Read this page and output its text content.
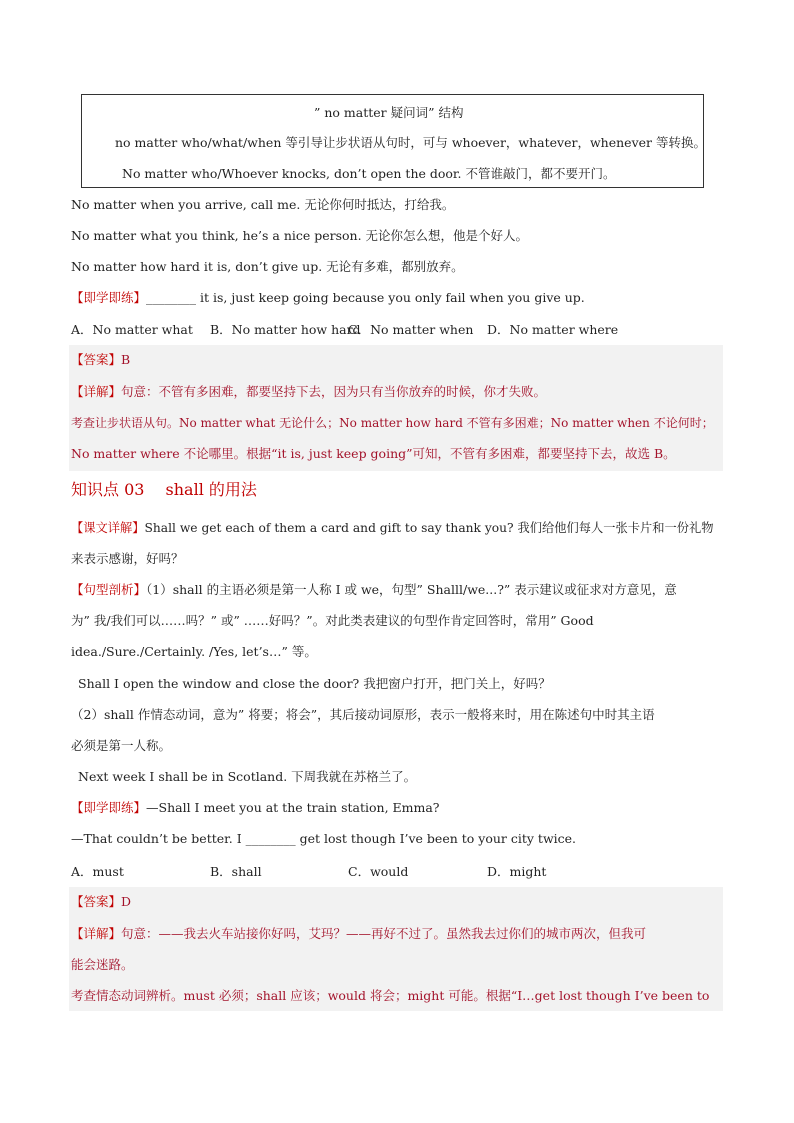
” no matter 疑问词” 结构
no matter who/what/when 等引导让步状语从句时，可与 whoever，whatever，whenever 等转换。
No matter who/Whoever knocks, don’t open the door. 不管谁敲门，都不要开门。
No matter when you arrive, call me. 无论你何时抵达，打给我。
No matter what you think, he’s a nice person. 无论你怎么想，他是个好人。
No matter how hard it is, don’t give up. 无论有多难，都别放弃。
【即学即练】________ it is, just keep going because you only fail when you give up.
A．No matter what B．No matter how hard
C．No matter when D．No matter where
【答案】B
【详解】句意：不管有多困难，都要坚持下去，因为只有当你放弃的时候，你才失败。
考查让步状语从句。No matter what 无论什么；No matter how hard 不管有多困难；No matter when 不论何时；
No matter where 不论哪里。根据“it is, just keep going”可知，不管有多困难，都要坚持下去，故选 B。
知识点 03　 shall 的用法
【课文详解】Shall we get each of them a card and gift to say thank you? 我们给他们每人一张卡片和一份礼物
来表示感谢，好吗？
【句型剖析】（1）shall 的主语必须是第一人称 I 或 we，句型” Shalll/we...?” 表示建议或征求对方意见，意
为” 我/我们可以……吗？” 或” ……好吗？”。对此类表建议的句型作肯定回答时，常用” Good
idea./Sure./Certainly. /Yes, let’s…” 等。
Shall I open the window and close the door? 我把窗户打开，把门关上，好吗？
（2）shall 作情态动词，意为” 将要；将会”，其后接动词原形，表示一般将来时，用在陈述句中时其主语
必须是第一人称。
Next week I shall be in Scotland. 下周我就在苏格兰了。
【即学即练】—Shall I meet you at the train station, Emma?
—That couldn’t be better. I ________ get lost though I’ve been to your city twice.
A．must	B．shall	C．would	D．might
【答案】D
【详解】句意：——我去火车站接你好吗，艾玛？——再好不过了。虽然我去过你们的城市两次，但我可
能会迷路。
考查情态动词辨析。must 必须；shall 应该；would 将会；might 可能。根据“I…get lost though I’ve been to
